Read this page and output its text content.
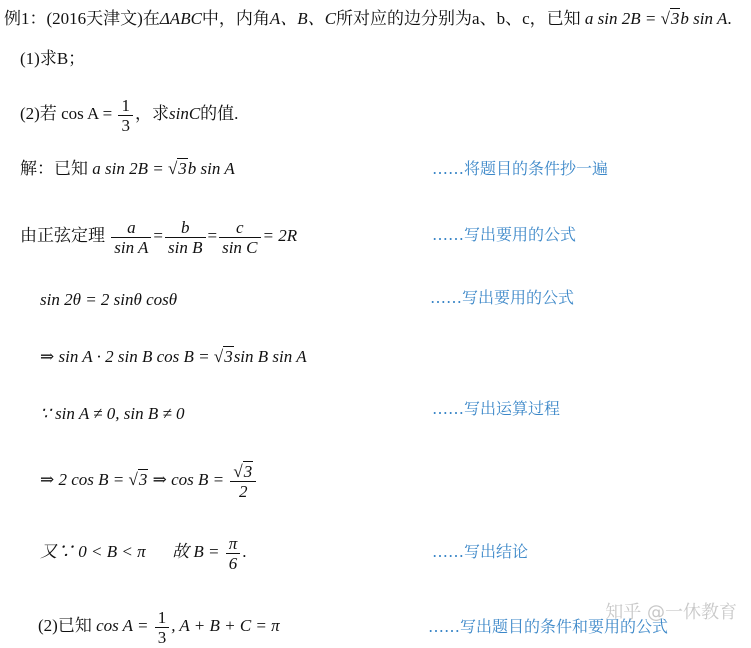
例1：(2016天津文)在ΔABC中，内角A、B、C所对应的边分别为a、b、c，已知 a sin 2B = √3b sin A.
(1)求B；
(2)若 $\cos A = \frac{1}{3}$ ，求sinC的值.
解：已知 a sin 2B = √3b sin A	……将题目的条件抄一遍
由正弦定理 $\frac{a}{\text{sin A}} = \frac{b}{\text{sin B}} = \frac{c}{\text{sin C}} = 2R$	……写出要用的公式
sin 2θ = 2 sinθ cosθ	……写出要用的公式
⇒ sin A · 2 sin B cos B = √3sin B sin A
∵ sin A ≠ 0, sin B ≠ 0	……写出运算过程
⇒ 2 cos B = √3 ⇒ $\cos B = \frac{√3}{2}$
又∵ 0 < B < π 故 $B = \frac{\pi}{6}$ .	……写出结论
(2)已知 $\cos A = \frac{1}{3}$ , A + B + C = π	……写出题目的条件和要用的公式
知乎 @一休教育
